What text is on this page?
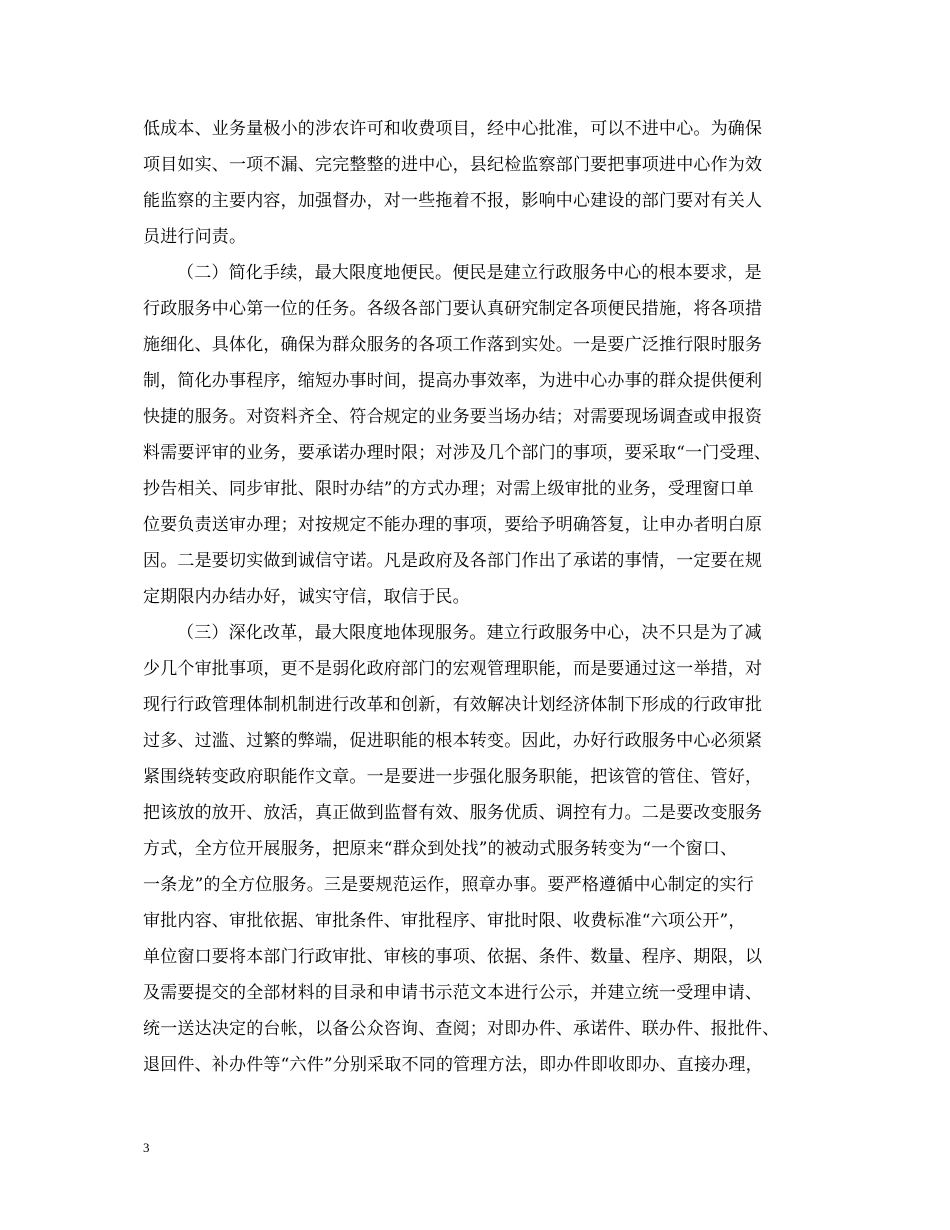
低成本、业务量极小的涉农许可和收费项目，经中心批准，可以不进中心。为确保
项目如实、一项不漏、完完整整的进中心，县纪检监察部门要把事项进中心作为效
能监察的主要内容，加强督办，对一些拖着不报，影响中心建设的部门要对有关人
员进行问责。
（二）简化手续，最大限度地便民。便民是建立行政服务中心的根本要求，是
行政服务中心第一位的任务。各级各部门要认真研究制定各项便民措施，将各项措
施细化、具体化，确保为群众服务的各项工作落到实处。一是要广泛推行限时服务
制，简化办事程序，缩短办事时间，提高办事效率，为进中心办事的群众提供便利
快捷的服务。对资料齐全、符合规定的业务要当场办结；对需要现场调查或申报资
料需要评审的业务，要承诺办理时限；对涉及几个部门的事项，要采取“一门受理、
抄告相关、同步审批、限时办结”的方式办理；对需上级审批的业务，受理窗口单
位要负责送审办理；对按规定不能办理的事项，要给予明确答复，让申办者明白原
因。二是要切实做到诚信守诺。凡是政府及各部门作出了承诺的事情，一定要在规
定期限内办结办好，诚实守信，取信于民。
（三）深化改革，最大限度地体现服务。建立行政服务中心，决不只是为了减
少几个审批事项，更不是弱化政府部门的宏观管理职能，而是要通过这一举措，对
现行行政管理体制机制进行改革和创新，有效解决计划经济体制下形成的行政审批
过多、过滥、过繁的弊端，促进职能的根本转变。因此，办好行政服务中心必须紧
紧围绕转变政府职能作文章。一是要进一步强化服务职能，把该管的管住、管好，
把该放的放开、放活，真正做到监督有效、服务优质、调控有力。二是要改变服务
方式，全方位开展服务，把原来“群众到处找”的被动式服务转变为“一个窗口、
一条龙”的全方位服务。三是要规范运作，照章办事。要严格遵循中心制定的实行
审批内容、审批依据、审批条件、审批程序、审批时限、收费标准“六项公开”，
单位窗口要将本部门行政审批、审核的事项、依据、条件、数量、程序、期限，以
及需要提交的全部材料的目录和申请书示范文本进行公示，并建立统一受理申请、
统一送达决定的台帐，以备公众咨询、查阅；对即办件、承诺件、联办件、报批件、
退回件、补办件等“六件”分别采取不同的管理方法，即办件即收即办、直接办理，
3
